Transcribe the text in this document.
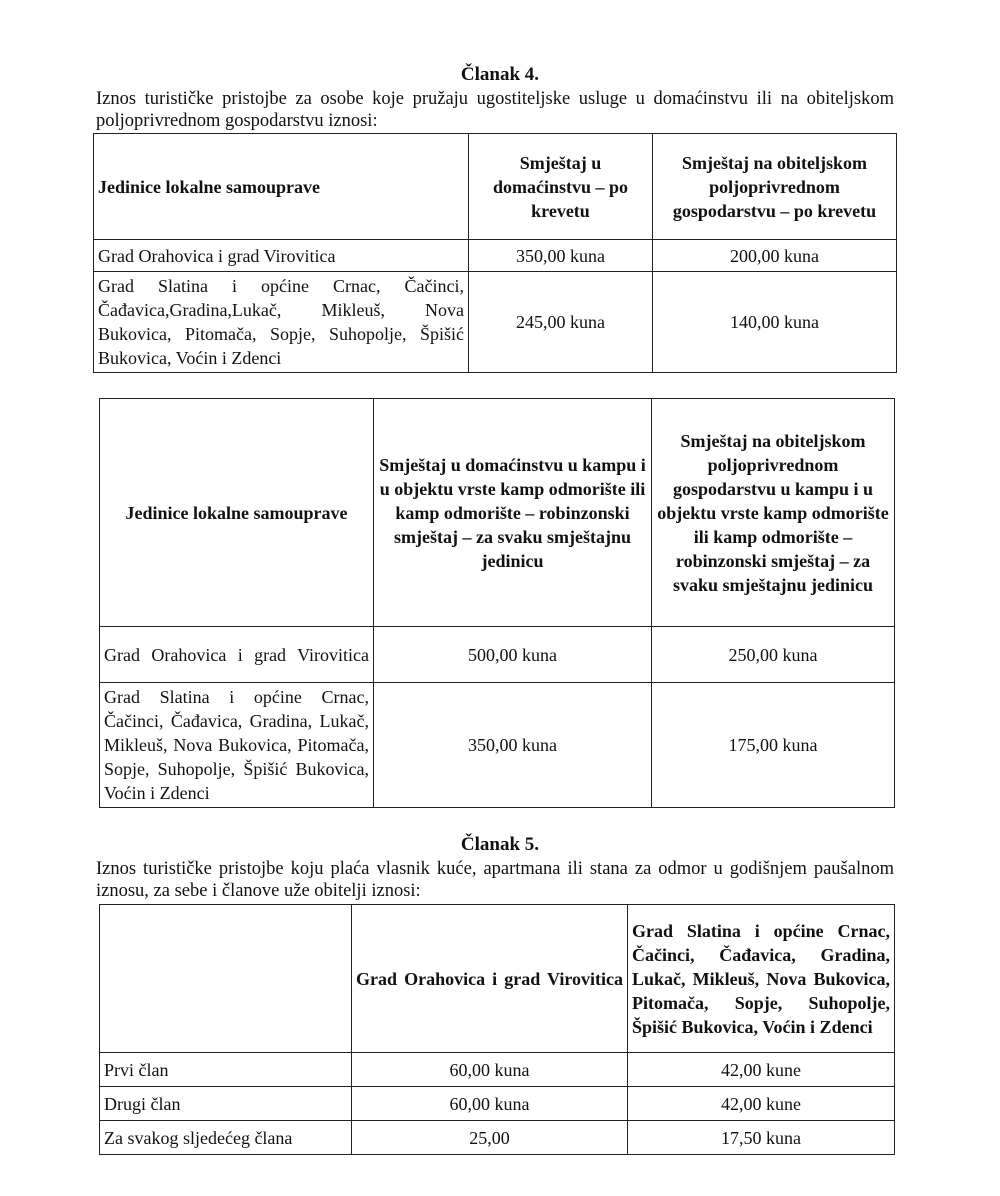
Članak 4.
Iznos turističke pristojbe za osobe koje pružaju ugostiteljske usluge u domaćinstvu ili na obiteljskom poljoprivrednom gospodarstvu iznosi:
Jedinice lokalne samouprave	Smještaj u domaćinstvu – po krevetu	Smještaj na obiteljskom poljoprivrednom gospodarstvu – po krevetu
Grad Orahovica i grad Virovitica	350,00 kuna	200,00 kuna
Grad Slatina i općine Crnac, Čačinci, Čađavica,Gradina,Lukač, Mikleuš, Nova Bukovica, Pitomača, Sopje, Suhopolje, Špišić Bukovica, Voćin i Zdenci	245,00 kuna	140,00 kuna
Jedinice lokalne samouprave	Smještaj u domaćinstvu u kampu i u objektu vrste kamp odmorište ili kamp odmorište – robinzonski smještaj – za svaku smještajnu jedinicu	Smještaj na obiteljskom poljoprivrednom gospodarstvu u kampu i u objektu vrste kamp odmorište ili kamp odmorište – robinzonski smještaj – za svaku smještajnu jedinicu
Grad Orahovica i grad Virovitica	500,00 kuna	250,00 kuna
Grad Slatina i općine Crnac, Čačinci, Čađavica, Gradina, Lukač, Mikleuš, Nova Bukovica, Pitomača, Sopje, Suhopolje, Špišić Bukovica, Voćin i Zdenci	350,00 kuna	175,00 kuna
Članak 5.
Iznos turističke pristojbe koju plaća vlasnik kuće, apartmana ili stana za odmor u godišnjem paušalnom iznosu, za sebe i članove uže obitelji iznosi:
	Grad Orahovica i grad Virovitica	Grad Slatina i općine Crnac, Čačinci, Čađavica, Gradina, Lukač, Mikleuš, Nova Bukovica, Pitomača, Sopje, Suhopolje, Špišić Bukovica, Voćin i Zdenci
Prvi član	60,00 kuna	42,00 kune
Drugi član	60,00 kuna	42,00 kune
Za svakog sljedećeg člana	25,00	17,50 kuna
